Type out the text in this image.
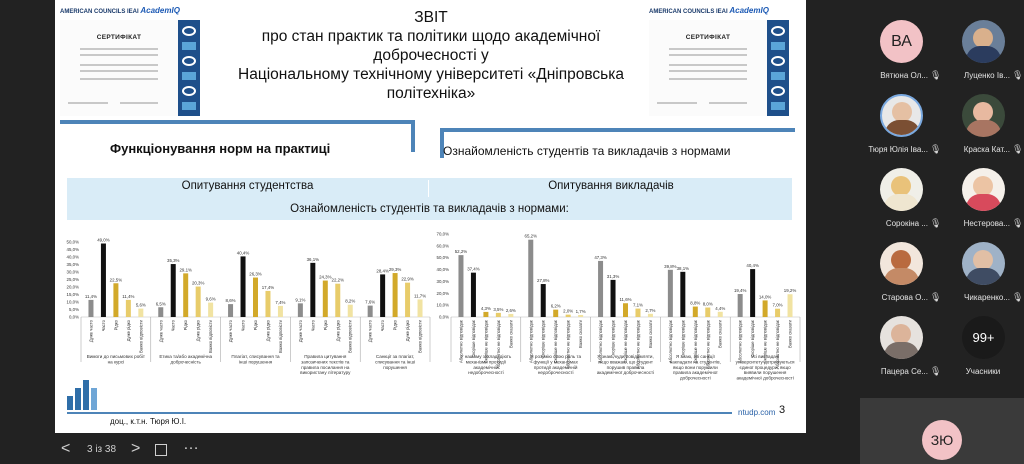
AMERICAN COUNCILS ІЕАІ AcademIQ
СЕРТИФІКАТ
AMERICAN COUNCILS ІЕАІ AcademIQ
СЕРТИФІКАТ
ЗВІТ
про стан практик та політики щодо академічної доброчесності у
Національному технічному університеті «Дніпровська політехніка»
Функціонування норм на практиці	Ознайомленість студентів та викладачів з нормами
Опитування студентства	Опитування викладачів
Ознайомленість студентів та викладачів з нормами:
0,0%
5,0%
10,0%
15,0%
20,0%
25,0%
30,0%
35,0%
40,0%
45,0%
50,0%
11,4%
Дуже часто
49,0%
Часто
22,5%
Рідко
11,4%
Дуже рідко
5,6%
Важко відповісти
Вимоги до письмових робіт
на курсі
6,5%
Дуже часто
35,3%
Часто
29,1%
Рідко
20,3%
Дуже рідко
9,6%
Важко відповісти
Етика та/або академічна
доброчесність
8,6%
Дуже часто
40,4%
Часто
26,3%
Рідко
17,4%
Дуже рідко
7,4%
Важко відповісти
Плагіат, списування та
інші порушення
9,1%
Дуже часто
36,1%
Часто
24,3%
Рідко
22,2%
Дуже рідко
8,2%
Важко відповісти
Правила цитування
запозичених текстів та
правила посилання на
використану літературу
7,6%
Дуже часто
28,4%
Часто
29,3%
Рідко
22,9%
Дуже рідко
11,7%
Важко відповісти
Санкції за плагіат,
списування та інші
порушення
0,0%
10,0%
20,0%
30,0%
40,0%
50,0%
60,0%
70,0%
52,2%
Абсолютно відповідає
37,4%
Скоріше відповідає
4,3%
Скоріше не відповідає
3,5%
Абсолютно не відповідає
2,6%
Важко сказати
У нашому закладі діють
механізми протидії
академічній
недоброчесності
65,2%
Абсолютно відповідає
27,8%
Скоріше відповідає
6,2%
Скоріше не відповідає
2,0%
Абсолютно не відповідає
1,7%
Важко сказати
Я розумію свою роль та
функції у механізмах
протидії академічній
недоброчесності
47,3%
Абсолютно відповідає
31,3%
Скоріше відповідає
11,6%
Скоріше не відповідає
7,1%
Абсолютно не відповідає
2,7%
Важко сказати
Я знаю, куди повідомляти,
якщо вважаю, що студент
порушив правила
академічної доброчесності
39,8%
Абсолютно відповідає
38,1%
Скоріше відповідає
8,8%
Скоріше не відповідає
8,0%
Абсолютно не відповідає
4,4%
Важко сказати
Я знаю, які санкції
накладати на студентів,
якщо вони порушили
правила академічної
доброчесності
19,4%
Абсолютно відповідає
40,4%
Скоріше відповідає
14,0%
Скоріше не відповідає
7,0%
Абсолютно не відповідає
19,2%
Важко сказати
Усі викладачі
університету дотримуються
єдиної процедури, якщо
виявили порушення
академічної доброчесності
доц., к.т.н. Тюря Ю.І.
ntudp.com 3
< 3 із 38 >	…
ВА
Вятюна Ол... 🎙	Луценко Ів... 🎙
Тюря Юлія Іва... 🎙	Краска Кат... 🎙
Сорокіна ... 🎙	Нестерова... 🎙
Старова О... 🎙	Чикаренко... 🎙
Пацера Се... 🎙
99+
Учасники
ЗЮ
